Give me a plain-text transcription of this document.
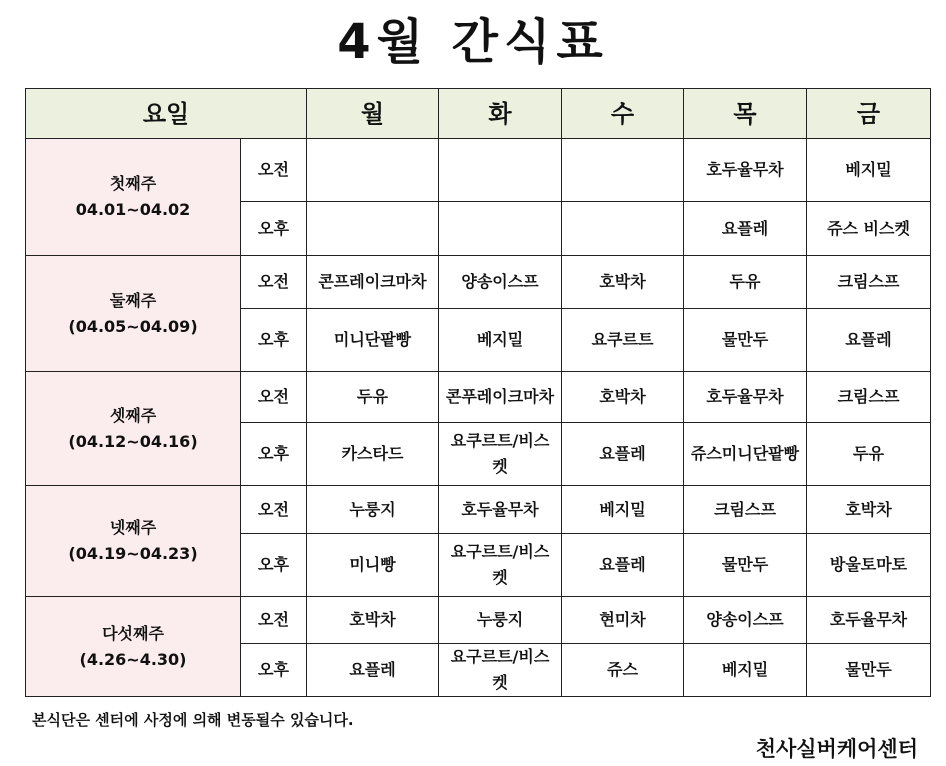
4월 간식표
요일		월	화	수	목	금

첫째주
04.01~04.02	오전				호두율무차	베지밀
	오후				요플레	쥬스 비스켓

둘째주
(04.05~04.09)	오전	콘프레이크마차	양송이스프	호박차	두유	크림스프
	오후	미니단팥빵	베지밀	요쿠르트	물만두	요플레

셋째주
(04.12~04.16)	오전	두유	콘푸레이크마차	호박차	호두율무차	크림스프
	오후	카스타드	요쿠르트/비스켓	요플레	쥬스미니단팥빵	두유

넷째주
(04.19~04.23)	오전	누룽지	호두율무차	베지밀	크림스프	호박차
	오후	미니빵	요구르트/비스켓	요플레	물만두	방울토마토

다섯째주
(4.26~4.30)	오전	호박차	누룽지	현미차	양송이스프	호두율무차
	오후	요플레	요구르트/비스켓	쥬스	베지밀	물만두
본식단은 센터에 사정에 의해 변동될수 있습니다.
천사실버케어센터
